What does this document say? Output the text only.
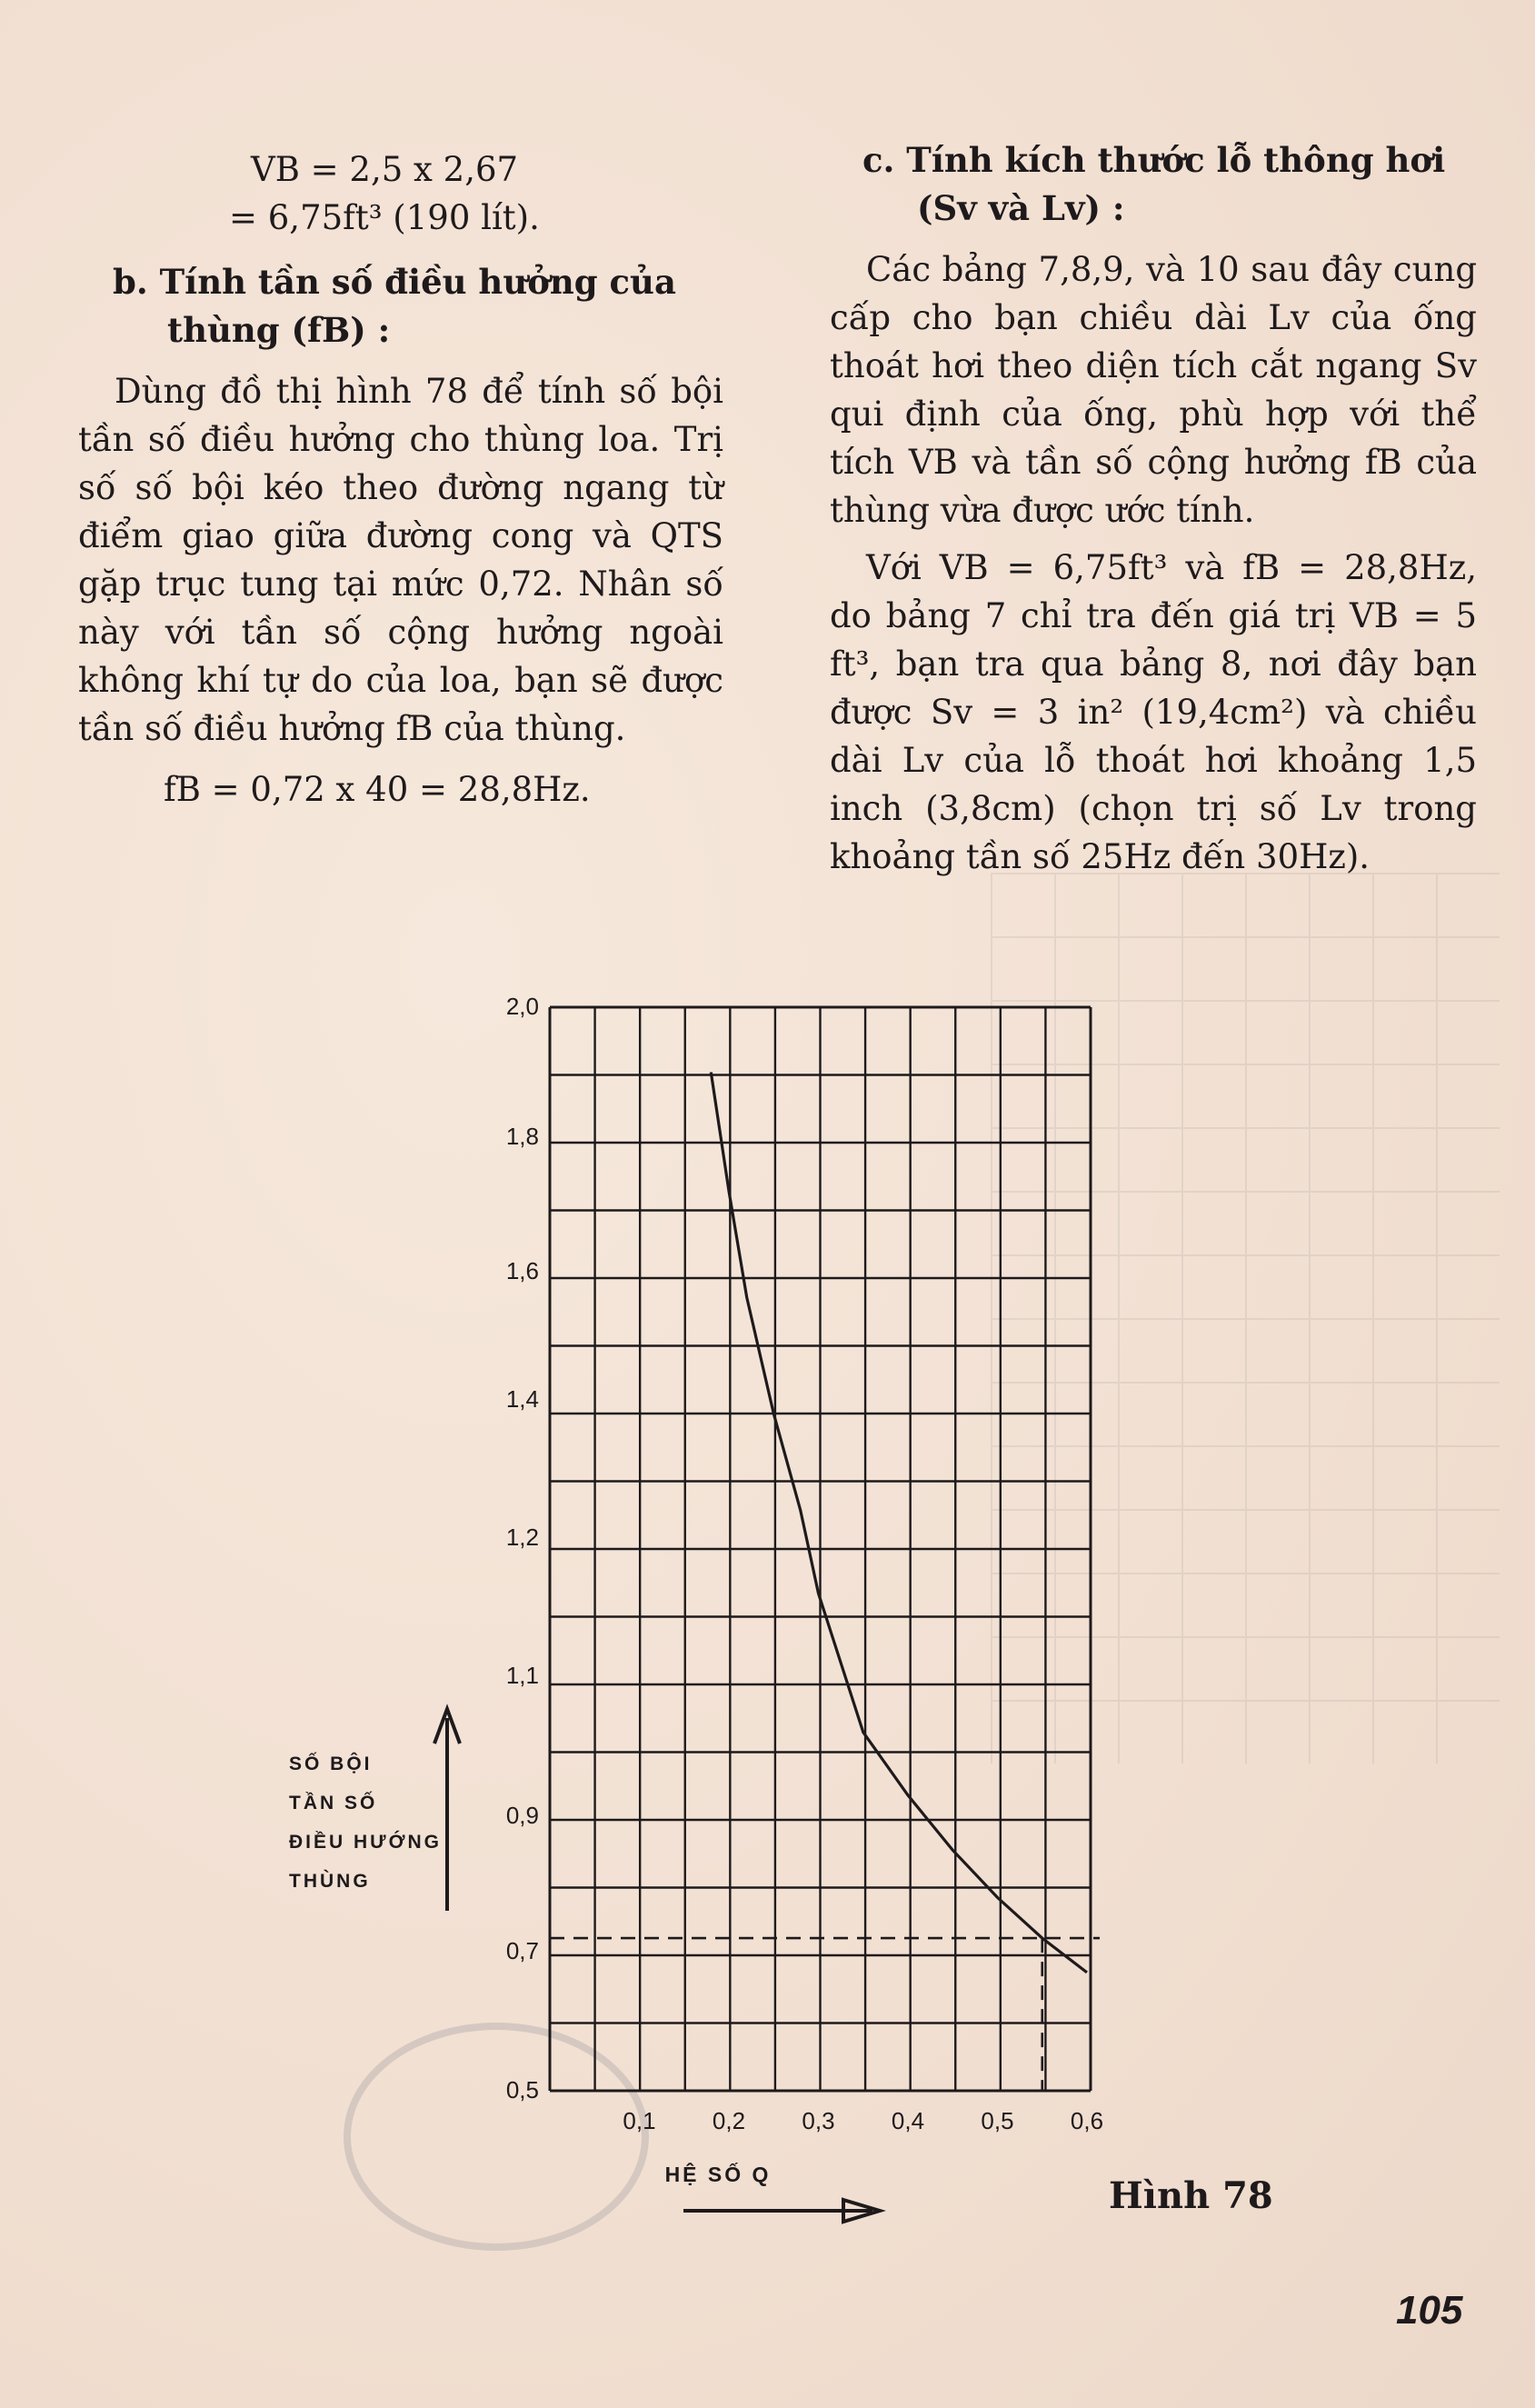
VB = 2,5 x 2,67

= 6,75ft³ (190 lít).

b. Tính tần số điều hưởng của
thùng (fB) :

Dùng đồ thị hình 78 để tính số bội tần số điều hưởng cho thùng loa. Trị số số bội kéo theo đường ngang từ điểm giao giữa đường cong và QTS gặp trục tung tại mức 0,72. Nhân số này với tần số cộng hưởng ngoài không khí tự do của loa, bạn sẽ được tần số điều hưởng fB của thùng.

fB = 0,72 x 40 = 28,8Hz.

c. Tính kích thước lỗ thông hơi
(Sv và Lv) :

Các bảng 7,8,9, và 10 sau đây cung cấp cho bạn chiều dài Lv của ống thoát hơi theo diện tích cắt ngang Sv qui định của ống, phù hợp với thể tích VB và tần số cộng hưởng fB của thùng vừa được ước tính.

Với VB = 6,75ft³ và fB = 28,8Hz, do bảng 7 chỉ tra đến giá trị VB = 5 ft³, bạn tra qua bảng 8, nơi đây bạn được Sv = 3 in² (19,4cm²) và chiều dài Lv của lỗ thoát hơi khoảng 1,5 inch (3,8cm) (chọn trị số Lv trong khoảng tần số 25Hz đến 30Hz).

0,5
0,7
0,9
1,1
1,2
1,4
1,6
1,8
2,0
0,1 0,2 0,3 0,4 0,5 0,6
SỐ BỘI
TẦN SỐ
ĐIỀU HƯỚNG
THÙNG
HỆ SỐ Q	Hình 78
105
